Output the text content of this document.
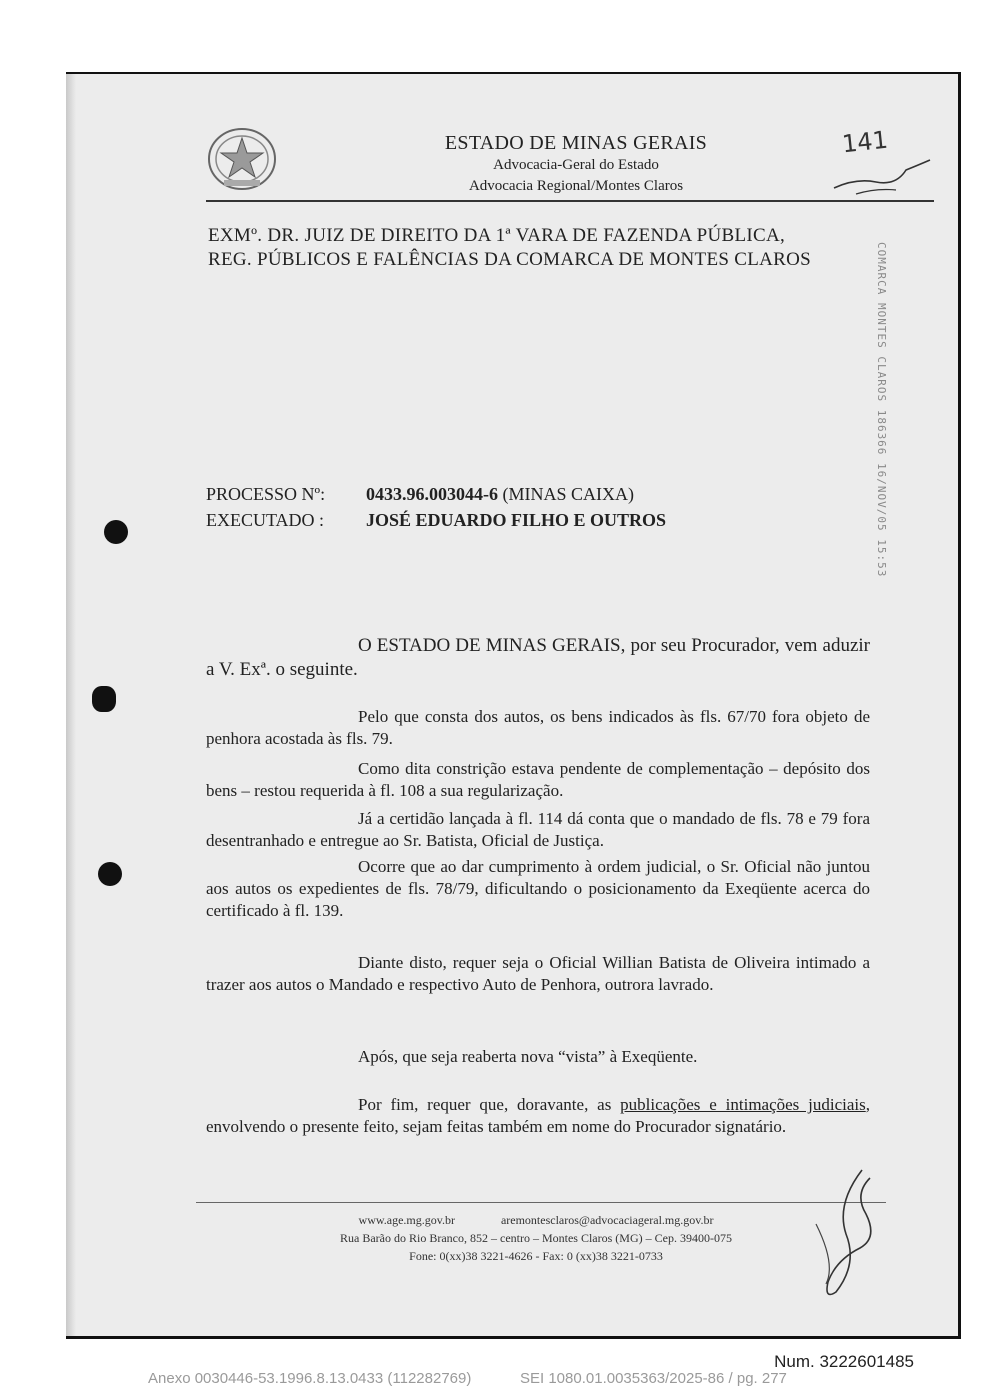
ESTADO DE MINAS GERAIS
Advocacia-Geral do Estado
Advocacia Regional/Montes Claros
141
EXMº. DR. JUIZ DE DIREITO DA 1ª VARA DE FAZENDA PÚBLICA,
REG. PÚBLICOS E FALÊNCIAS DA COMARCA DE MONTES CLAROS	COMARCA MONTES CLAROS 186366 16/NOV/05 15:53
PROCESSO Nº: 0433.96.003044-6 (MINAS CAIXA)
EXECUTADO : JOSÉ EDUARDO FILHO E OUTROS
O ESTADO DE MINAS GERAIS, por seu Procurador, vem aduzir a V. Exª. o seguinte.
Pelo que consta dos autos, os bens indicados às fls. 67/70 fora objeto de penhora acostada às fls. 79.
Como dita constrição estava pendente de complementação – depósito dos bens – restou requerida à fl. 108 a sua regularização.
Já a certidão lançada à fl. 114 dá conta que o mandado de fls. 78 e 79 fora desentranhado e entregue ao Sr. Batista, Oficial de Justiça.
Ocorre que ao dar cumprimento à ordem judicial, o Sr. Oficial não juntou aos autos os expedientes de fls. 78/79, dificultando o posicionamento da Exeqüente acerca do certificado à fl. 139.
Diante disto, requer seja o Oficial Willian Batista de Oliveira intimado a trazer aos autos o Mandado e respectivo Auto de Penhora, outrora lavrado.
Após, que seja reaberta nova “vista” à Exeqüente.
Por fim, requer que, doravante, as publicações e intimações judiciais, envolvendo o presente feito, sejam feitas também em nome do Procurador signatário.
www.age.mg.gov.br	aremontesclaros@advocaciageral.mg.gov.br
Rua Barão do Rio Branco, 852 – centro – Montes Claros (MG) – Cep. 39400-075
Fone: 0(xx)38 3221-4626 - Fax: 0 (xx)38 3221-0733
Num. 3222601485
Anexo 0030446-53.1996.8.13.0433 (112282769)	SEI 1080.01.0035363/2025-86 / pg. 277
